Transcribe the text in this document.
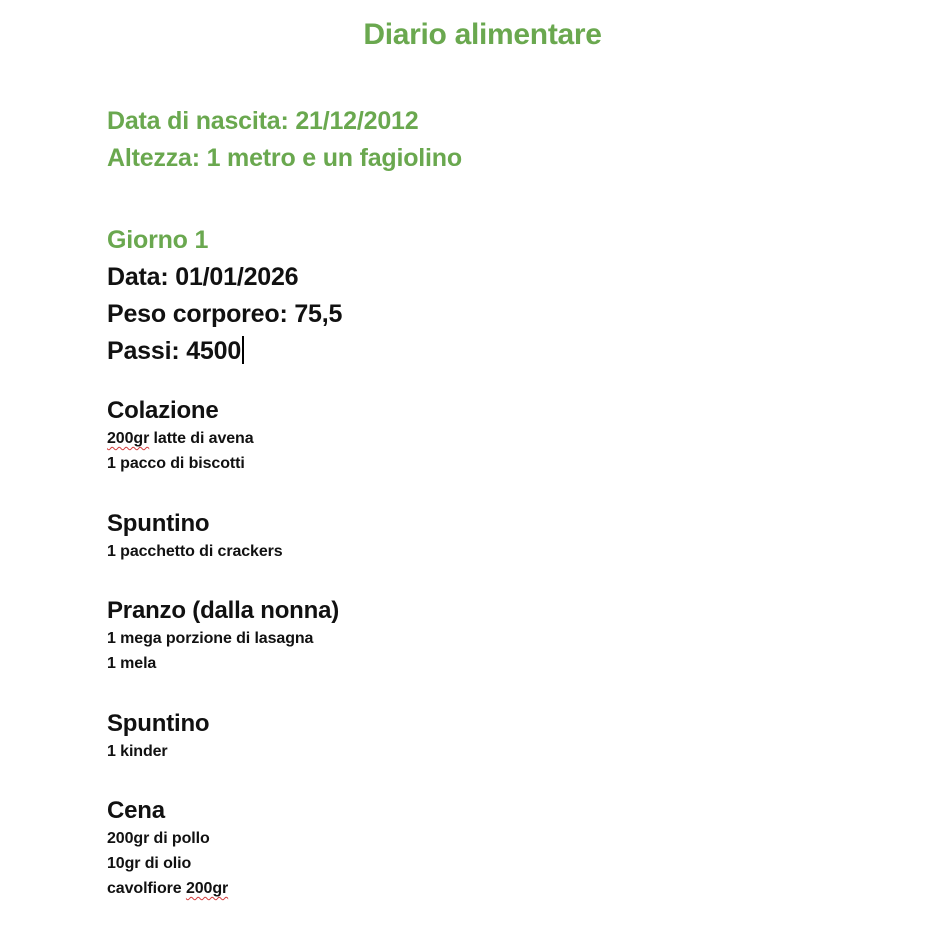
Diario alimentare
Data di nascita: 21/12/2012
Altezza: 1 metro e un fagiolino
Giorno 1
Data: 01/01/2026
Peso corporeo: 75,5
Passi: 4500
Colazione
200gr latte di avena
1 pacco di biscotti
Spuntino
1 pacchetto di crackers
Pranzo (dalla nonna)
1 mega porzione di lasagna
1 mela
Spuntino
1 kinder
Cena
200gr di pollo
10gr di olio
cavolfiore 200gr
